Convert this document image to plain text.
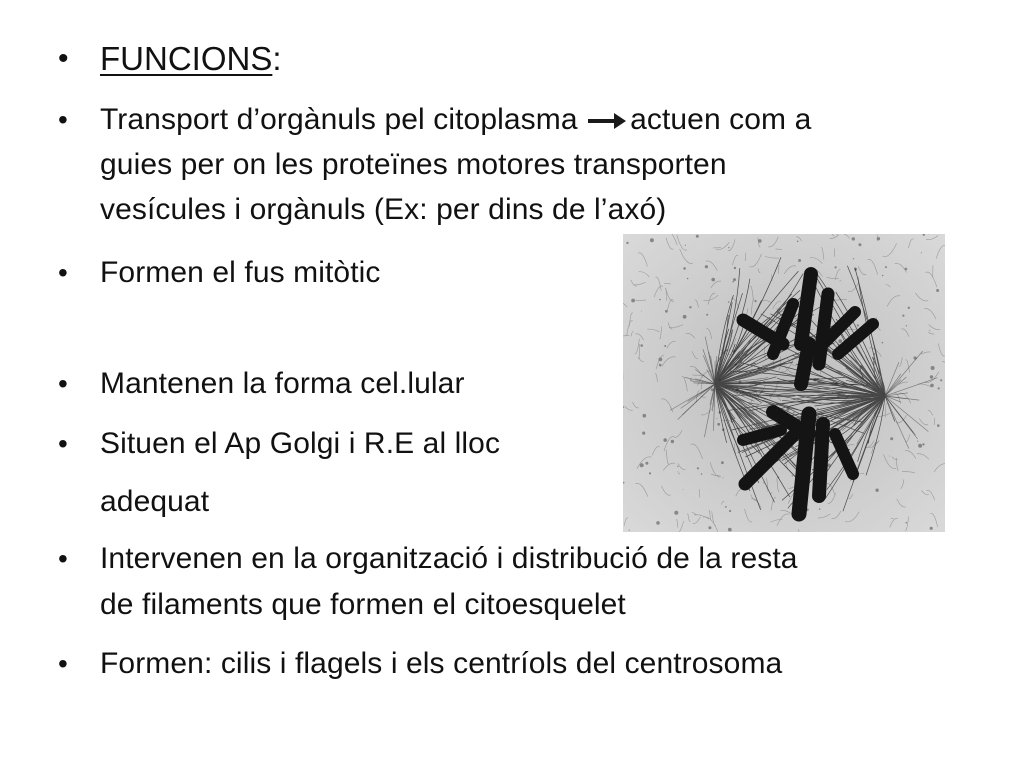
• FUNCIONS:
• Transport d’orgànuls pel citoplasma actuen com a
guies per on les proteïnes motores transporten
vesícules i orgànuls (Ex: per dins de l’axó)
• Formen el fus mitòtic
• Mantenen la forma cel.lular
• Situen el Ap Golgi i R.E al lloc
adequat
• Intervenen en la organització i distribució de la resta
de filaments que formen el citoesquelet
• Formen: cilis i flagels i els centríols del centrosoma
